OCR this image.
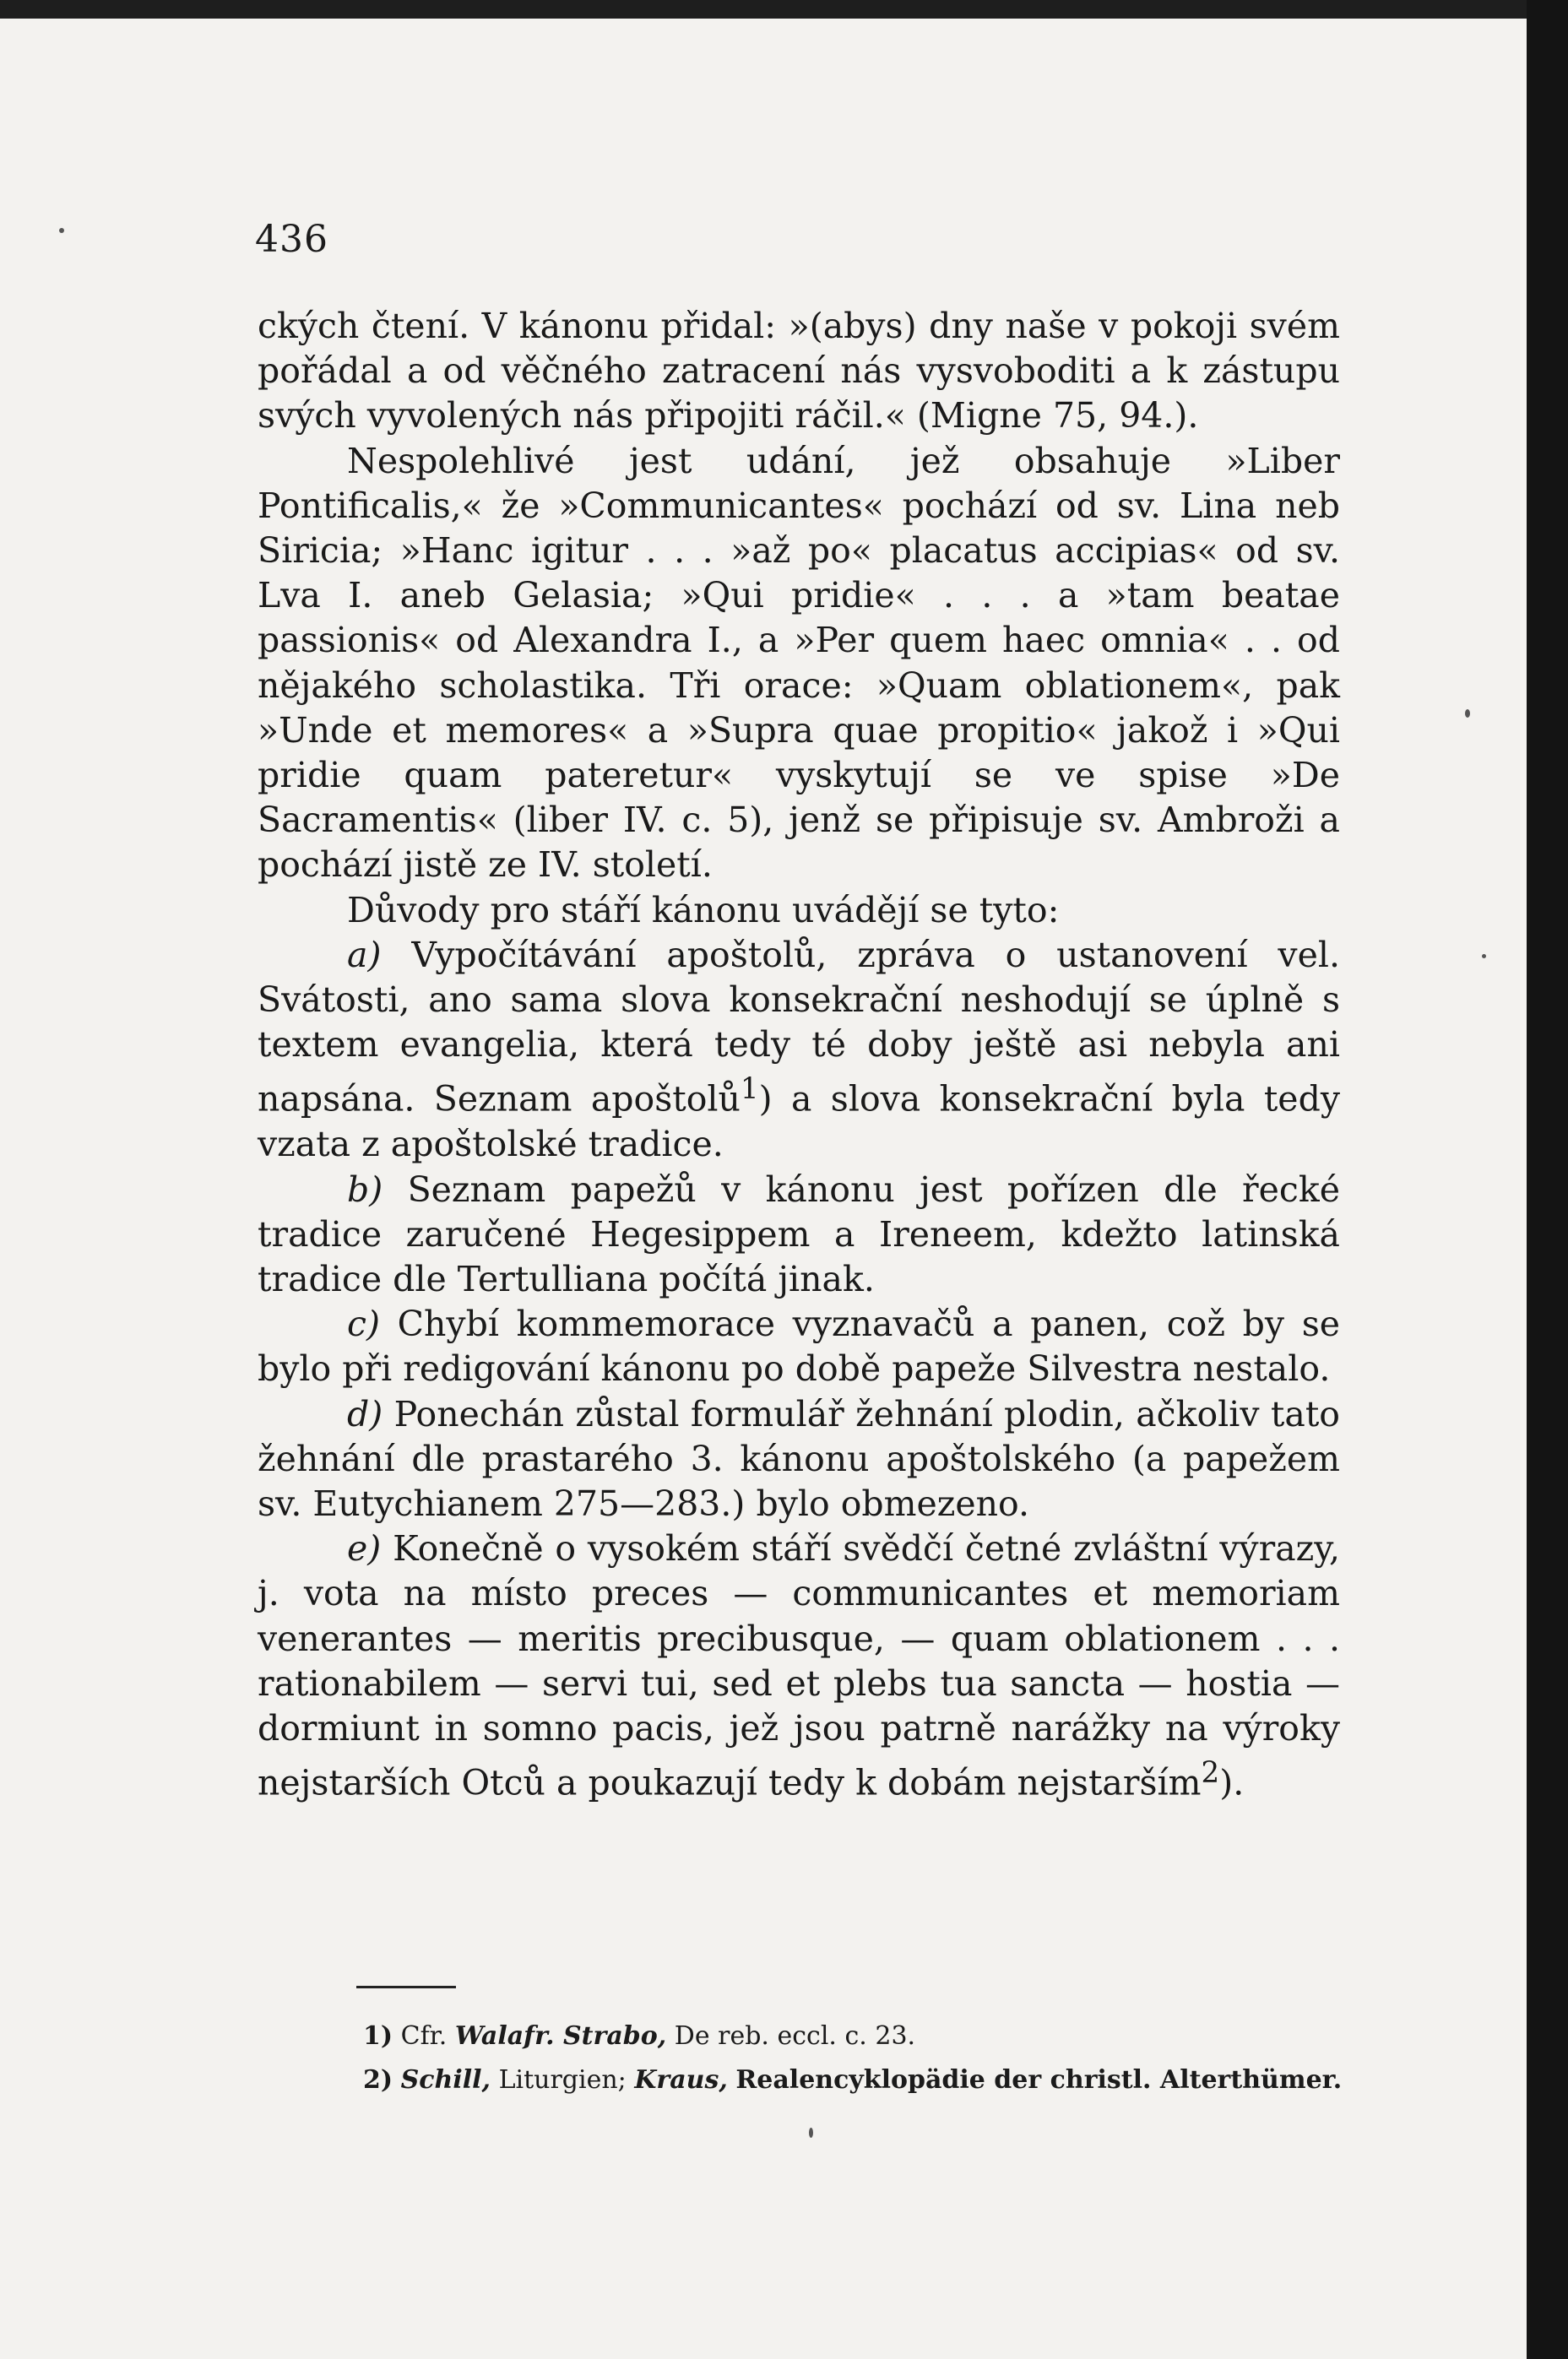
436

ckých čtení. V kánonu přidal: »(abys) dny naše v pokoji svém pořádal a od věčného zatracení nás vysvoboditi a k zástupu svých vyvolených nás připojiti ráčil.« (Migne 75, 94.).

Nespolehlivé jest udání, jež obsahuje »Liber Pontificalis,« že »Communicantes« pochází od sv. Lina neb Siricia; »Hanc igitur . . . »až po« placatus accipias« od sv. Lva I. aneb Gelasia; »Qui pridie« . . . a »tam beatae passionis« od Alexandra I., a »Per quem haec omnia« . . od nějakého scholastika. Tři orace: »Quam oblationem«, pak »Unde et memores« a »Supra quae propitio« jakož i »Qui pridie quam pateretur« vyskytují se ve spise »De Sacramentis« (liber IV. c. 5), jenž se připisuje sv. Ambroži a pochází jistě ze IV. století.

Důvody pro stáří kánonu uvádějí se tyto:

a) Vypočítávání apoštolů, zpráva o ustanovení vel. Svátosti, ano sama slova konsekrační neshodují se úplně s textem evangelia, která tedy té doby ještě asi nebyla ani napsána. Seznam apoštolů$^1$) a slova konsekrační byla tedy vzata z apoštolské tradice.

b) Seznam papežů v kánonu jest pořízen dle řecké tradice zaručené Hegesippem a Ireneem, kdežto latinská tradice dle Tertulliana počítá jinak.

c) Chybí kommemorace vyznavačů a panen, což by se bylo při redigování kánonu po době papeže Silvestra nestalo.

d) Ponechán zůstal formulář žehnání plodin, ačkoliv tato žehnání dle prastarého 3. kánonu apoštolského (a papežem sv. Eutychianem 275—283.) bylo obmezeno.

e) Konečně o vysokém stáří svědčí četné zvláštní výrazy, j. vota na místo preces — communicantes et memoriam venerantes — meritis precibusque, — quam oblationem . . . rationabilem — servi tui, sed et plebs tua sancta — hostia — dormiunt in somno pacis, jež jsou patrně narážky na výroky nejstarších Otců a poukazují tedy k dobám nejstarším$^2$).

1) Cfr. Walafr. Strabo, De reb. eccl. c. 23.

2) Schill, Liturgien; Kraus, Realencyklopädie der christl. Alterthümer.
